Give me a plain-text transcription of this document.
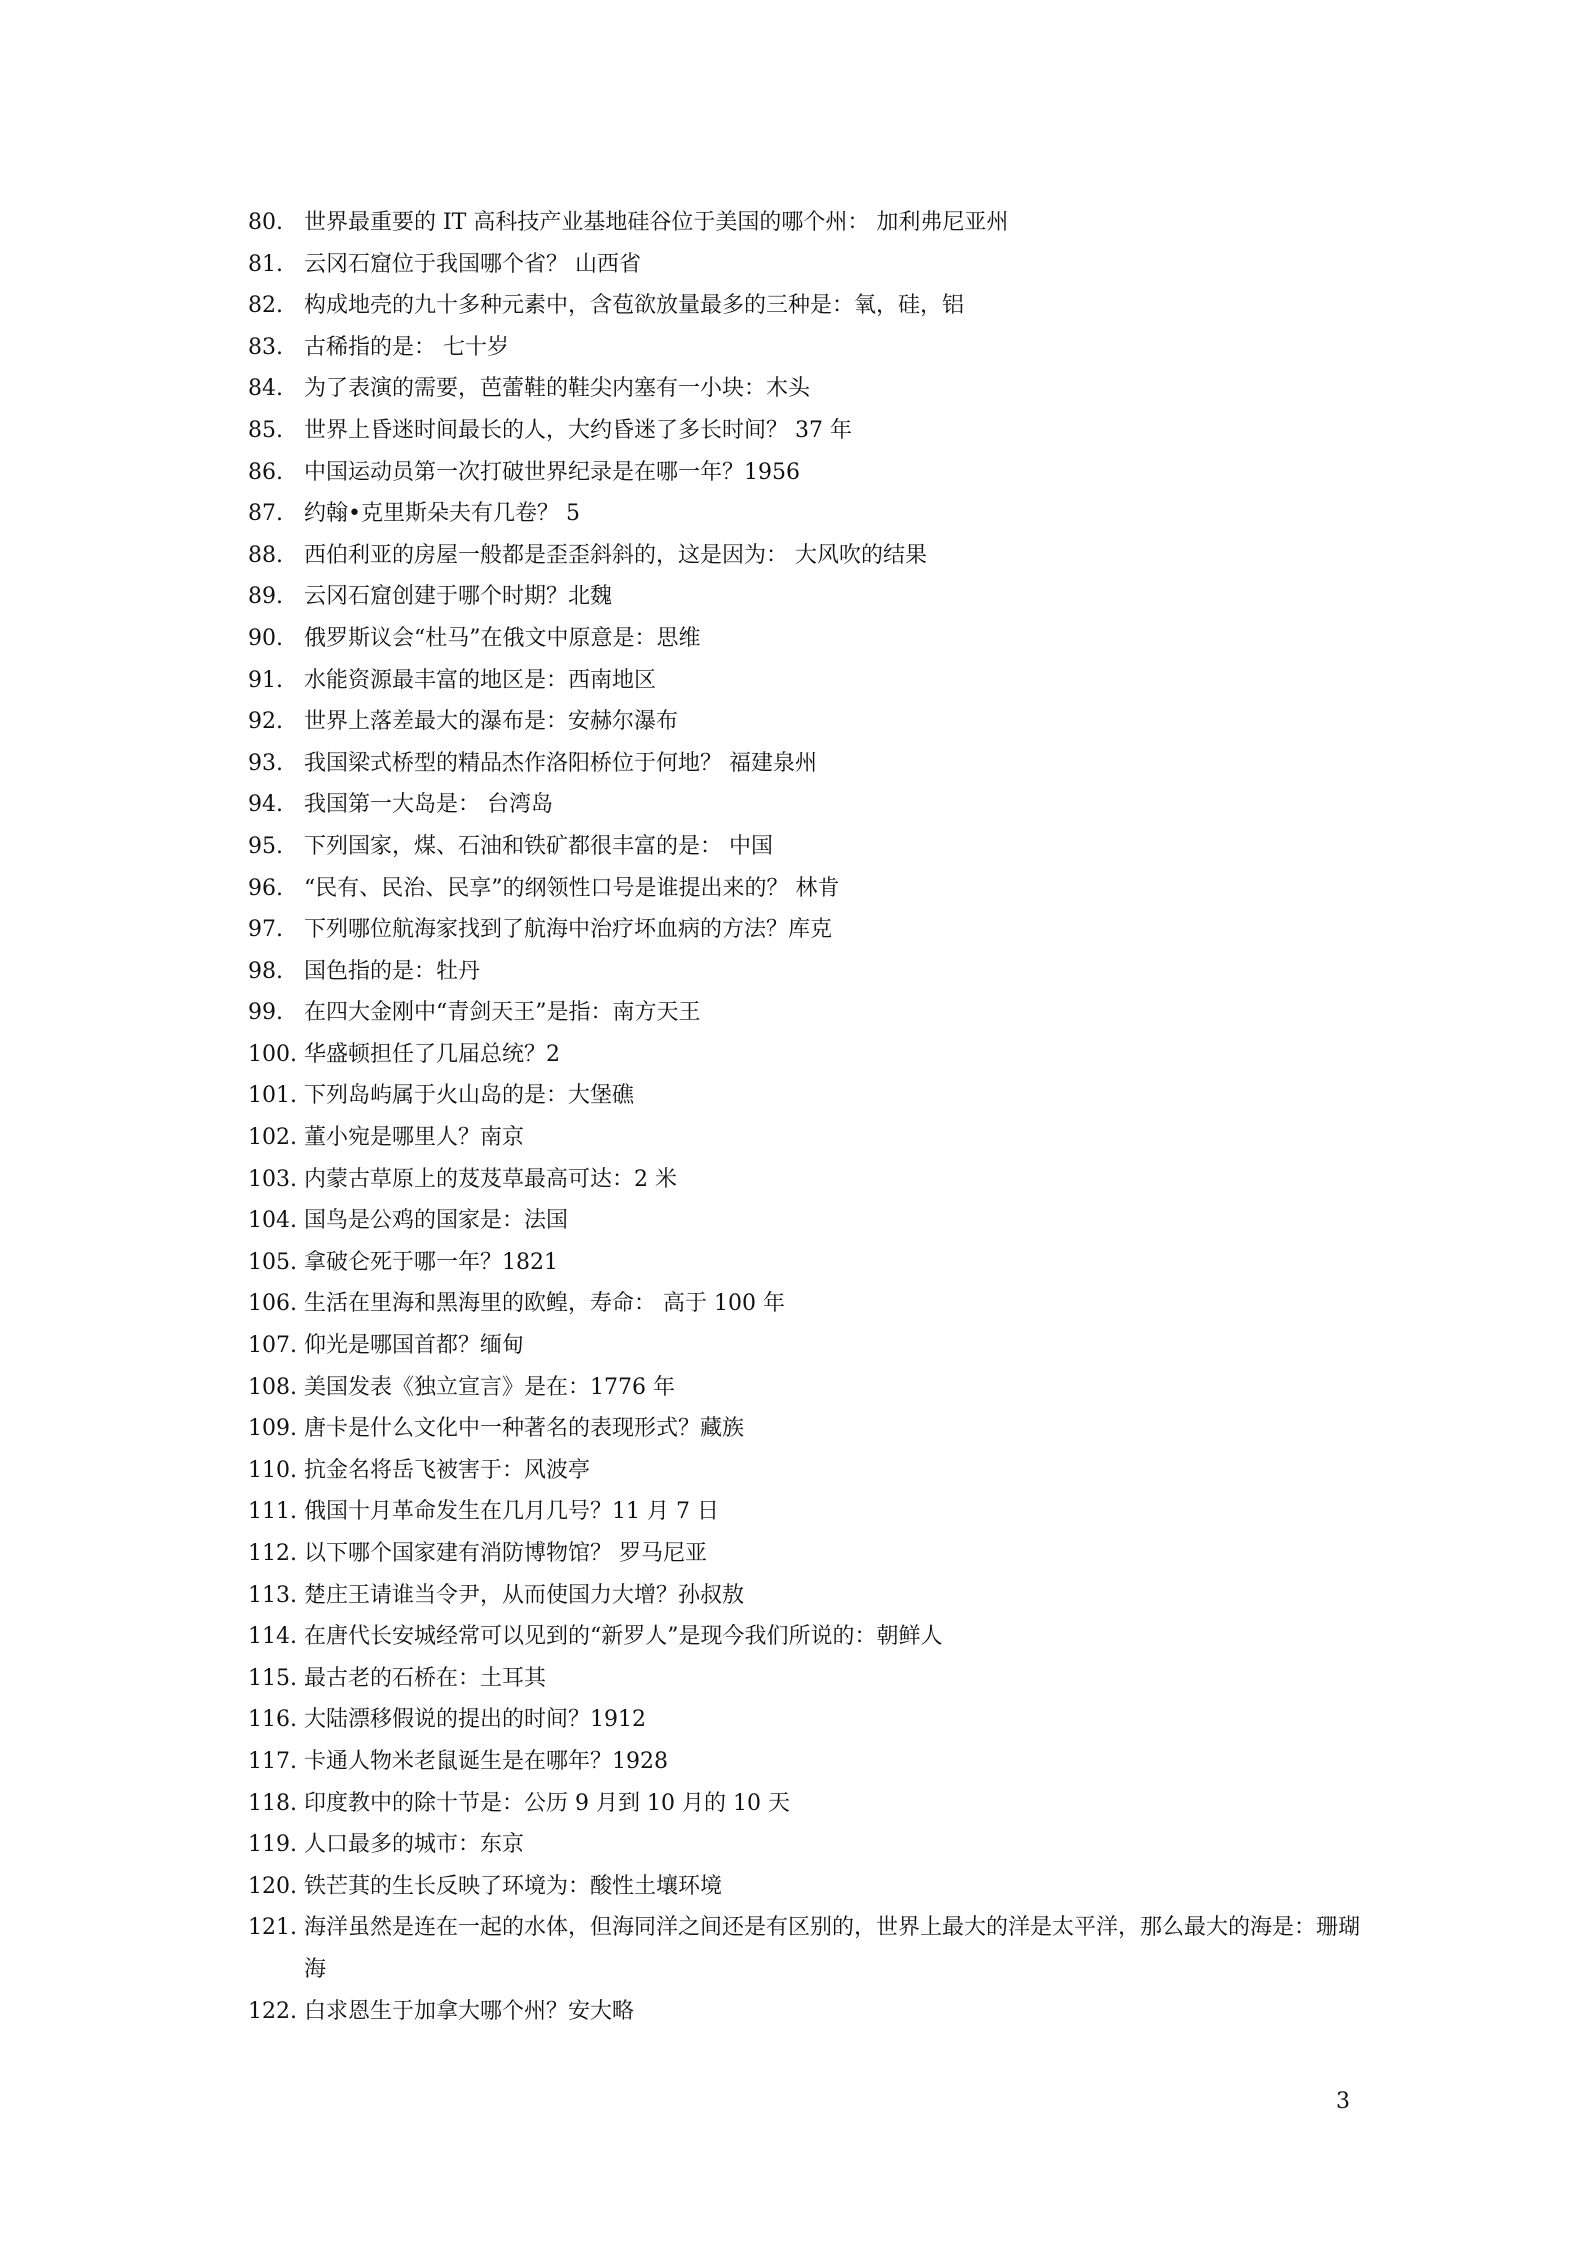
80. 世界最重要的 IT 高科技产业基地硅谷位于美国的哪个州： 加利弗尼亚州
81. 云冈石窟位于我国哪个省？ 山西省
82. 构成地壳的九十多种元素中，含苞欲放量最多的三种是：氧，硅，铝
83. 古稀指的是： 七十岁
84. 为了表演的需要，芭蕾鞋的鞋尖内塞有一小块：木头
85. 世界上昏迷时间最长的人，大约昏迷了多长时间？ 37 年
86. 中国运动员第一次打破世界纪录是在哪一年？1956
87. 约翰•克里斯朵夫有几卷？ 5
88. 西伯利亚的房屋一般都是歪歪斜斜的，这是因为： 大风吹的结果
89. 云冈石窟创建于哪个时期？北魏
90. 俄罗斯议会“杜马”在俄文中原意是：思维
91. 水能资源最丰富的地区是：西南地区
92. 世界上落差最大的瀑布是：安赫尔瀑布
93. 我国梁式桥型的精品杰作洛阳桥位于何地？ 福建泉州
94. 我国第一大岛是： 台湾岛
95. 下列国家，煤、石油和铁矿都很丰富的是： 中国
96. “民有、民治、民享”的纲领性口号是谁提出来的？ 林肯
97. 下列哪位航海家找到了航海中治疗坏血病的方法？库克
98. 国色指的是：牡丹
99. 在四大金刚中“青剑天王”是指：南方天王
100. 华盛顿担任了几届总统？2
101. 下列岛屿属于火山岛的是：大堡礁
102. 董小宛是哪里人？南京
103. 内蒙古草原上的芨芨草最高可达：2 米
104. 国鸟是公鸡的国家是：法国
105. 拿破仑死于哪一年？1821
106. 生活在里海和黑海里的欧鳇，寿命： 高于 100 年
107. 仰光是哪国首都？缅甸
108. 美国发表《独立宣言》是在：1776 年
109. 唐卡是什么文化中一种著名的表现形式？藏族
110. 抗金名将岳飞被害于：风波亭
111. 俄国十月革命发生在几月几号？11 月 7 日
112. 以下哪个国家建有消防博物馆？ 罗马尼亚
113. 楚庄王请谁当令尹，从而使国力大增？孙叔敖
114. 在唐代长安城经常可以见到的“新罗人”是现今我们所说的：朝鲜人
115. 最古老的石桥在：土耳其
116. 大陆漂移假说的提出的时间？1912
117. 卡通人物米老鼠诞生是在哪年？1928
118. 印度教中的除十节是：公历 9 月到 10 月的 10 天
119. 人口最多的城市：东京
120. 铁芒萁的生长反映了环境为：酸性土壤环境
121. 海洋虽然是连在一起的水体，但海同洋之间还是有区别的，世界上最大的洋是太平洋，那么最大的海是：珊瑚海
122. 白求恩生于加拿大哪个州？安大略
3
